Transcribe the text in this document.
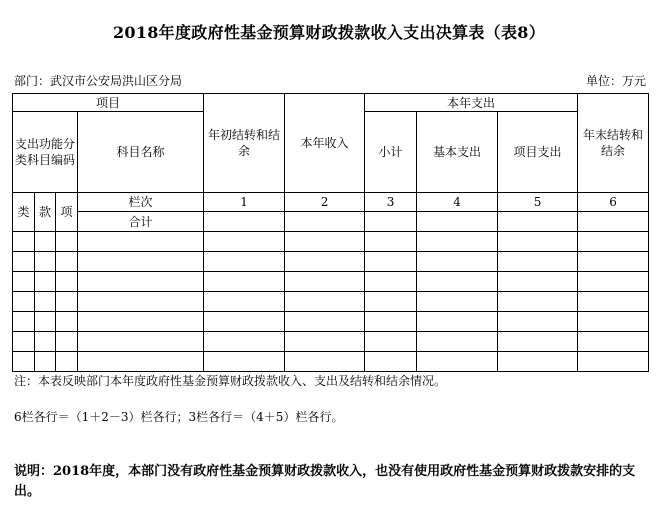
2018年度政府性基金预算财政拨款收入支出决算表（表8）
部门：武汉市公安局洪山区分局	单位：万元
项目				年初结转和结余	本年收入	本年支出			年末结转和结余
支出功能分类科目编码			科目名称			小计	基本支出	项目支出	
类	款	项	栏次	1	2	3	4	5	6
			合计						

注：本表反映部门本年度政府性基金预算财政拨款收入、支出及结转和结余情况。
6栏各行＝（1＋2－3）栏各行；3栏各行＝（4＋5）栏各行。
说明：2018年度，本部门没有政府性基金预算财政拨款收入，也没有使用政府性基金预算财政拨款安排的支出。
